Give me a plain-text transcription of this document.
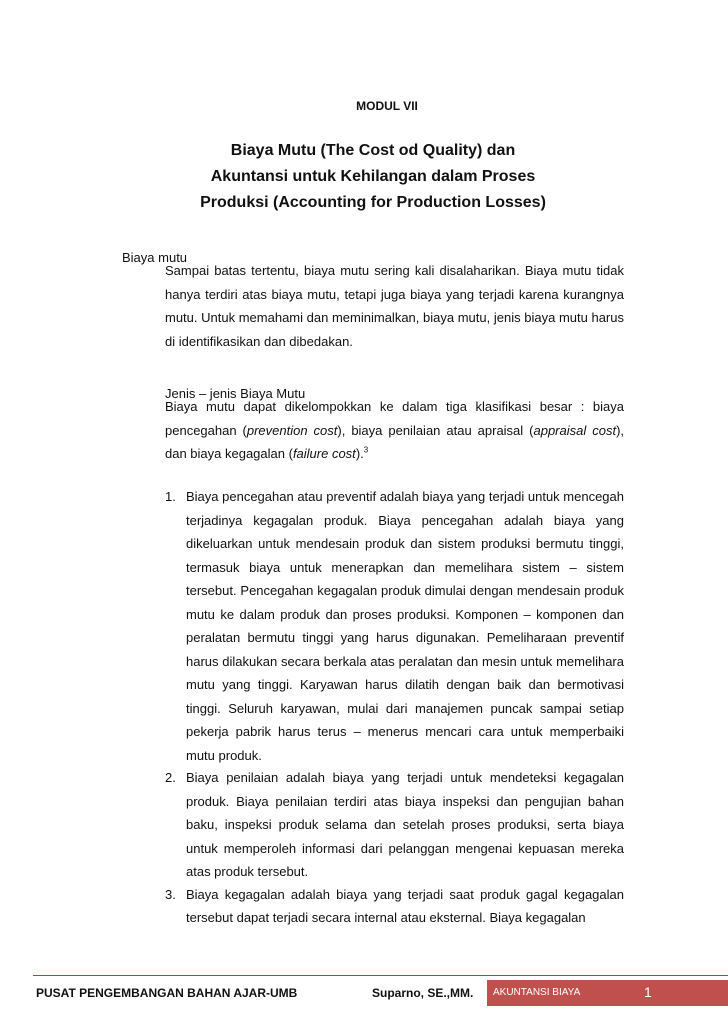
MODUL VII
Biaya Mutu (The Cost od Quality) dan
Akuntansi untuk Kehilangan dalam Proses
Produksi (Accounting for Production Losses)
Biaya mutu
Sampai batas tertentu, biaya mutu sering kali disalaharikan. Biaya mutu tidak hanya terdiri atas biaya mutu, tetapi juga biaya yang terjadi karena kurangnya mutu. Untuk memahami dan meminimalkan, biaya mutu, jenis biaya mutu harus di identifikasikan dan dibedakan.
Jenis – jenis Biaya Mutu
Biaya mutu dapat dikelompokkan ke dalam tiga klasifikasi besar : biaya pencegahan (prevention cost), biaya penilaian atau apraisal (appraisal cost), dan biaya kegagalan (failure cost).$^3$
1. Biaya pencegahan atau preventif adalah biaya yang terjadi untuk mencegah terjadinya kegagalan produk. Biaya pencegahan adalah biaya yang dikeluarkan untuk mendesain produk dan sistem produksi bermutu tinggi, termasuk biaya untuk menerapkan dan memelihara sistem – sistem tersebut. Pencegahan kegagalan produk dimulai dengan mendesain produk mutu ke dalam produk dan proses produksi. Komponen – komponen dan peralatan bermutu tinggi yang harus digunakan. Pemeliharaan preventif harus dilakukan secara berkala atas peralatan dan mesin untuk memelihara mutu yang tinggi. Karyawan harus dilatih dengan baik dan bermotivasi tinggi. Seluruh karyawan, mulai dari manajemen puncak sampai setiap pekerja pabrik harus terus – menerus mencari cara untuk memperbaiki mutu produk.
2. Biaya penilaian adalah biaya yang terjadi untuk mendeteksi kegagalan produk. Biaya penilaian terdiri atas biaya inspeksi dan pengujian bahan baku, inspeksi produk selama dan setelah proses produksi, serta biaya untuk memperoleh informasi dari pelanggan mengenai kepuasan mereka atas produk tersebut.
3. Biaya kegagalan adalah biaya yang terjadi saat produk gagal kegagalan tersebut dapat terjadi secara internal atau eksternal. Biaya kegagalan
PUSAT PENGEMBANGAN BAHAN AJAR-UMB	Suparno, SE.,MM. AKUNTANSI BIAYA	1
